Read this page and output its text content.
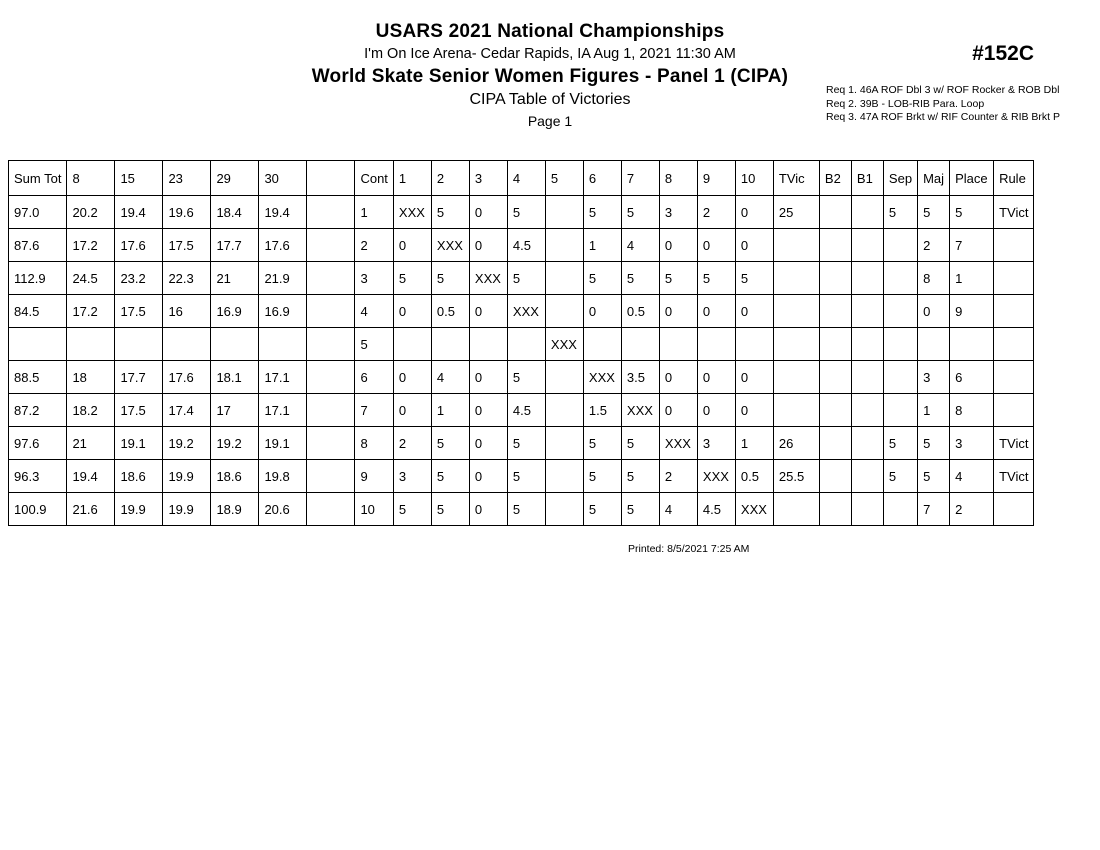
USARS 2021 National Championships
I'm On Ice Arena- Cedar Rapids, IA Aug 1, 2021 11:30 AM
World Skate Senior Women Figures - Panel 1 (CIPA)
CIPA Table of Victories
Page 1
#152C
Req 1. 46A ROF Dbl 3 w/ ROF Rocker & ROB Dbl
Req 2. 39B - LOB-RIB Para. Loop
Req 3. 47A ROF Brkt w/ RIF Counter & RIB Brkt P
Sum Tot	8	15	23	29	30		Cont	1	2	3	4	5	6	7	8	9	10	TVic	B2	B1	Sep	Maj	Place	Rule
97.0	20.2	19.4	19.6	18.4	19.4		1	XXX	5	0	5		5	5	3	2	0	25			5	5	5	TVict
87.6	17.2	17.6	17.5	17.7	17.6		2	0	XXX	0	4.5		1	4	0	0	0					2	7	
112.9	24.5	23.2	22.3	21	21.9		3	5	5	XXX	5		5	5	5	5	5					8	1	
84.5	17.2	17.5	16	16.9	16.9		4	0	0.5	0	XXX		0	0.5	0	0	0					0	9	
							5					XXX												
88.5	18	17.7	17.6	18.1	17.1		6	0	4	0	5		XXX	3.5	0	0	0					3	6	
87.2	18.2	17.5	17.4	17	17.1		7	0	1	0	4.5		1.5	XXX	0	0	0					1	8	
97.6	21	19.1	19.2	19.2	19.1		8	2	5	0	5		5	5	XXX	3	1	26			5	5	3	TVict
96.3	19.4	18.6	19.9	18.6	19.8		9	3	5	0	5		5	5	2	XXX	0.5	25.5			5	5	4	TVict
100.9	21.6	19.9	19.9	18.9	20.6		10	5	5	0	5		5	5	4	4.5	XXX					7	2	
Printed: 8/5/2021 7:25 AM
